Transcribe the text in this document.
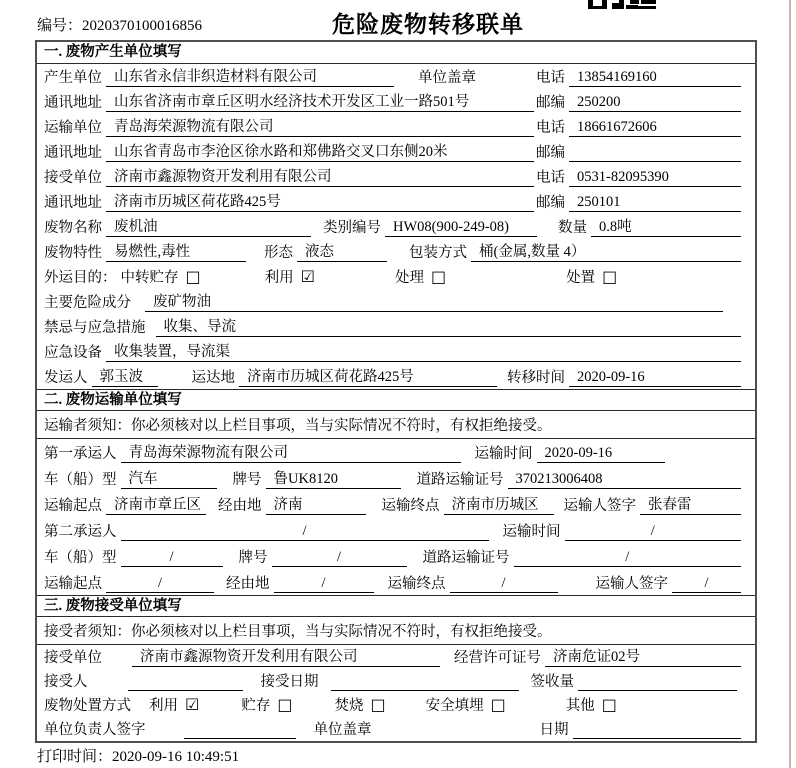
编号：2020370100016856	危险废物转移联单
一. 废物产生单位填写
产生单位 山东省永信非织造材料有限公司	单位盖章	电话 13854169160
通讯地址 山东省济南市章丘区明水经济技术开发区工业一路501号	邮编 250200
运输单位 青岛海荣源物流有限公司	电话 18661672606
通讯地址 山东省青岛市李沧区徐水路和郑佛路交叉口东侧20米	邮编
接受单位 济南市鑫源物资开发利用有限公司	电话 0531-82095390
通讯地址 济南市历城区荷花路425号	邮编 250101
废物名称 废机油	类别编号 HW08(900-249-08)	数量 0.8吨
废物特性 易燃性,毒性	形态 液态	包装方式 桶(金属,数量 4）
外运目的： 中转贮存 □	利用 ☑	处理 □	处置 □
主要危险成分	废矿物油
禁忌与应急措施	收集、导流
应急设备 收集装置，导流渠
发运人 郭玉波	运达地 济南市历城区荷花路425号	转移时间 2020-09-16
二. 废物运输单位填写
运输者须知：你必须核对以上栏目事项，当与实际情况不符时，有权拒绝接受。
第一承运人 青岛海荣源物流有限公司	运输时间 2020-09-16
车（船）型 汽车	牌号 鲁UK8120	道路运输证号 370213006408
运输起点 济南市章丘区	经由地 济南	运输终点 济南市历城区	运输人签字 张春雷
第二承运人	/	运输时间	/
车（船）型	/	牌号	/	道路运输证号	/
运输起点	/	经由地	/	运输终点	/	运输人签字	/
三. 废物接受单位填写
接受者须知：你必须核对以上栏目事项，当与实际情况不符时，有权拒绝接受。
接受单位	济南市鑫源物资开发利用有限公司	经营许可证号 济南危证02号
接受人	接受日期	签收量
废物处置方式 利用 ☑	贮存 □	焚烧 □	安全填埋 □	其他 □
单位负责人签字	单位盖章	日期
打印时间：2020-09-16 10:49:51
